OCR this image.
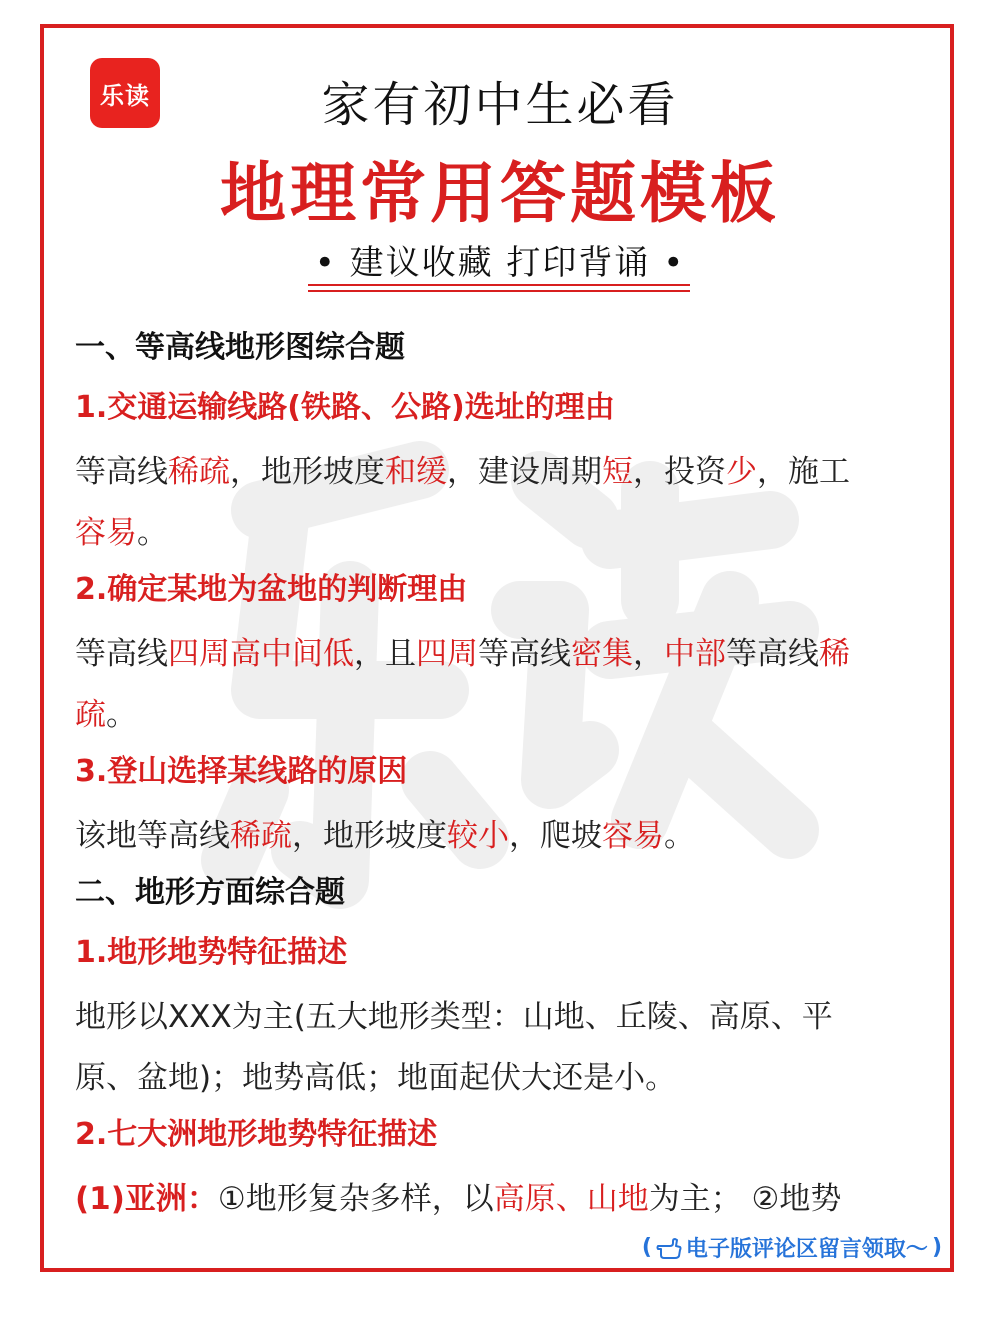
乐读	家有初中生必看
地理常用答题模板
• 建议收藏 打印背诵 •
一、等高线地形图综合题
1.交通运输线路(铁路、公路)选址的理由
等高线稀疏，地形坡度和缓，建设周期短，投资少，施工
容易。
2.确定某地为盆地的判断理由
等高线四周高中间低，且四周等高线密集，中部等高线稀
疏。
3.登山选择某线路的原因
该地等高线稀疏，地形坡度较小，爬坡容易。
二、地形方面综合题
1.地形地势特征描述
地形以XXX为主(五大地形类型：山地、丘陵、高原、平
原、盆地)；地势高低；地面起伏大还是小。
2.七大洲地形地势特征描述
(1)亚洲：①地形复杂多样，以高原、山地为主； ②地势
( 电子版评论区留言领取～ )
